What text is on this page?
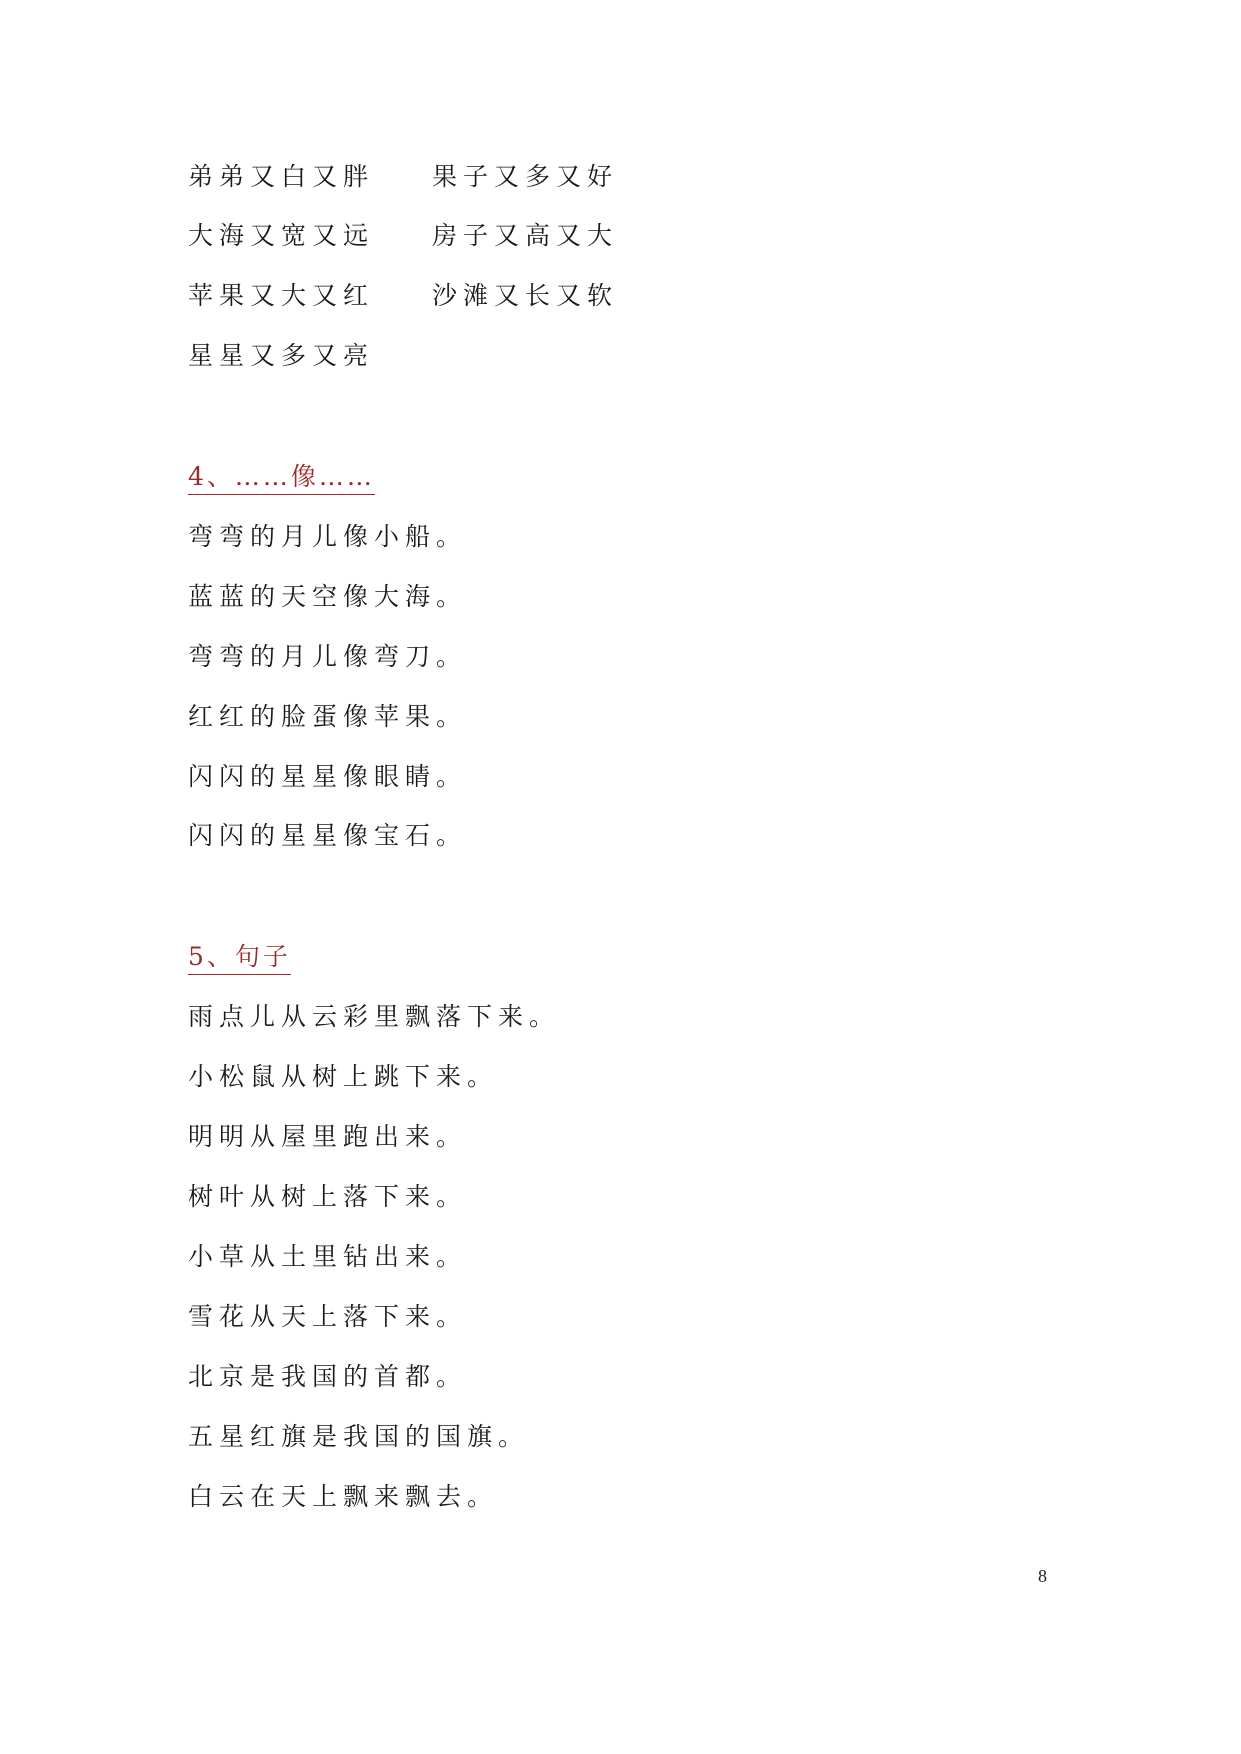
弟弟又白又胖 果子又多又好
大海又宽又远 房子又高又大
苹果又大又红 沙滩又长又软
星星又多又亮
4、……像……
弯弯的月儿像小船。
蓝蓝的天空像大海。
弯弯的月儿像弯刀。
红红的脸蛋像苹果。
闪闪的星星像眼睛。
闪闪的星星像宝石。
5、句子
雨点儿从云彩里飘落下来。
小松鼠从树上跳下来。
明明从屋里跑出来。
树叶从树上落下来。
小草从土里钻出来。
雪花从天上落下来。
北京是我国的首都。
五星红旗是我国的国旗。
白云在天上飘来飘去。
8
